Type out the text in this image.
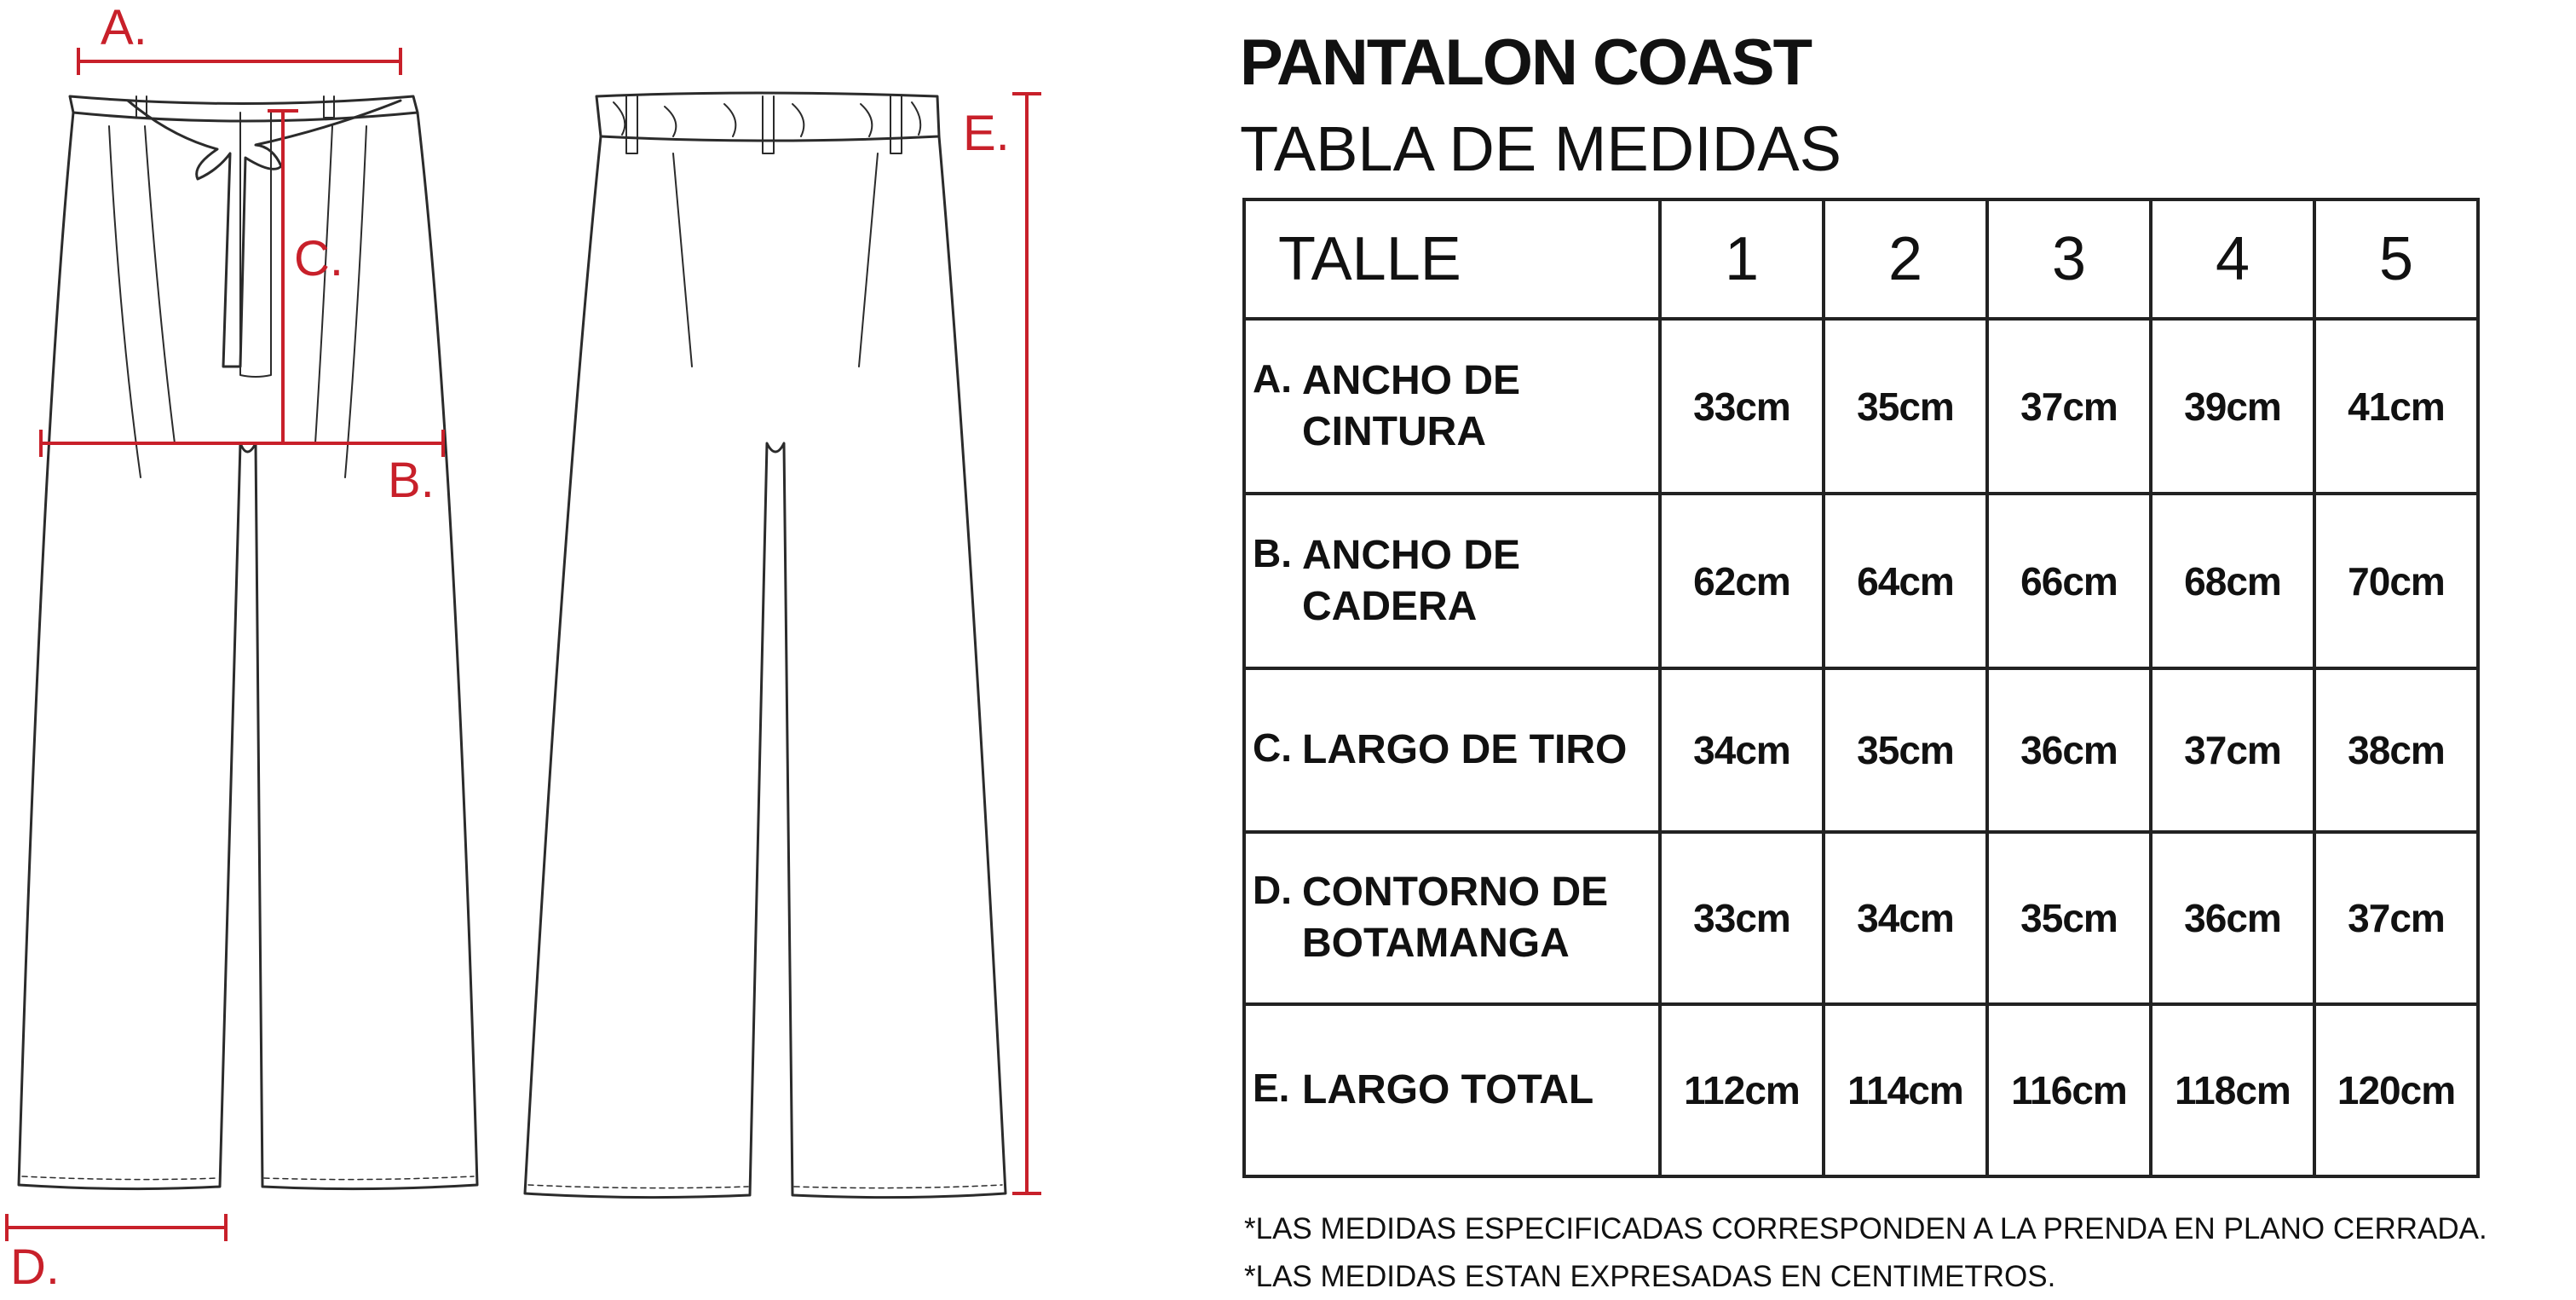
A.
B.
C.
D.
E.
PANTALON COAST
TABLA DE MEDIDAS
TALLE	1	2	3	4	5

A. ANCHO DE
CINTURA	33cm	35cm	37cm	39cm	41cm

B. ANCHO DE
CADERA	62cm	64cm	66cm	68cm	70cm

C. LARGO DE TIRO	34cm	35cm	36cm	37cm	38cm

D. CONTORNO DE
BOTAMANGA	33cm	34cm	35cm	36cm	37cm

E. LARGO TOTAL	112cm	114cm	116cm	118cm	120cm
*LAS MEDIDAS ESPECIFICADAS CORRESPONDEN A LA PRENDA EN PLANO CERRADA.
*LAS MEDIDAS ESTAN EXPRESADAS EN CENTIMETROS.
